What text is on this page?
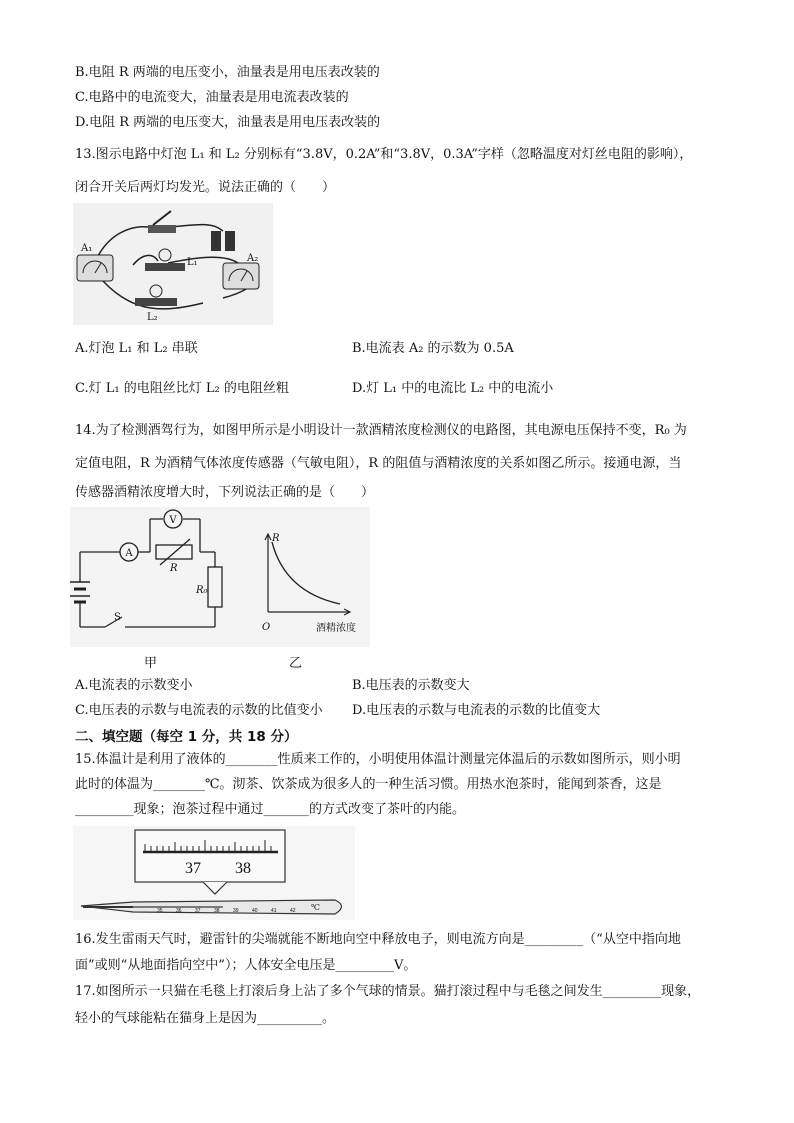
B.电阻 R 两端的电压变小，油量表是用电压表改装的
C.电路中的电流变大，油量表是用电流表改装的
D.电阻 R 两端的电压变大，油量表是用电压表改装的
13.图示电路中灯泡 L₁ 和 L₂ 分别标有“3.8V，0.2A”和“3.8V，0.3A”字样（忽略温度对灯丝电阻的影响），
闭合开关后两灯均发光。说法正确的（　　）
A₁
A₂
L₁
L₂
A.灯泡 L₁ 和 L₂ 串联	B.电流表 A₂ 的示数为 0.5A
C.灯 L₁ 的电阻丝比灯 L₂ 的电阻丝粗	D.灯 L₁ 中的电流比 L₂ 中的电流小
14.为了检测酒驾行为，如图甲所示是小明设计一款酒精浓度检测仪的电路图，其电源电压保持不变，R₀ 为
定值电阻，R 为酒精气体浓度传感器（气敏电阻），R 的阻值与酒精浓度的关系如图乙所示。接通电源，当
传感器酒精浓度增大时，下列说法正确的是（　　）
A
V
R
R₀
S
R
O	酒精浓度
甲	乙
A.电流表的示数变小	B.电压表的示数变大
C.电压表的示数与电流表的示数的比值变小 D.电压表的示数与电流表的示数的比值变大
二、填空题（每空 1 分，共 18 分）
15.体温计是利用了液体的________性质来工作的，小明使用体温计测量完体温后的示数如图所示，则小明
此时的体温为________℃。沏茶、饮茶成为很多人的一种生活习惯。用热水泡茶时，能闻到茶香，这是
_________现象；泡茶过程中通过_______的方式改变了茶叶的内能。
37 38
35	36	37	38	39	40	41	42 ℃
16.发生雷雨天气时，避雷针的尖端就能不断地向空中释放电子，则电流方向是_________（“从空中指向地
面”或则“从地面指向空中”）；人体安全电压是_________V。
17.如图所示一只猫在毛毯上打滚后身上沾了多个气球的情景。猫打滚过程中与毛毯之间发生_________现象，
轻小的气球能粘在猫身上是因为__________。
